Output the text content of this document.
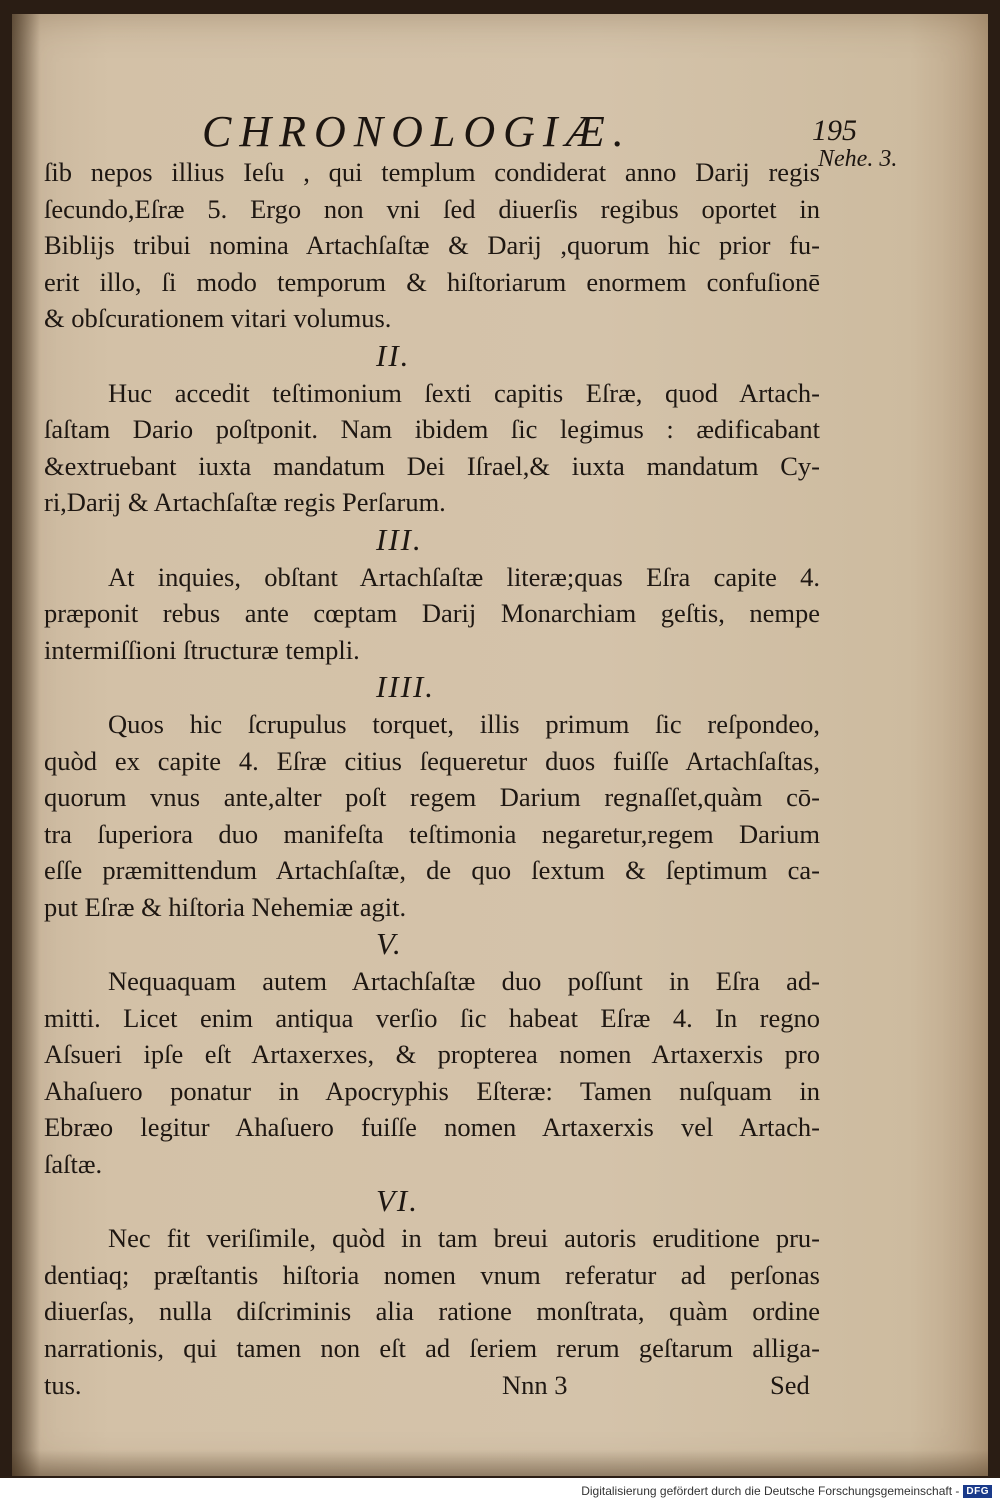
CHRONOLOGIÆ.	195
Nehe. 3.
ſib nepos illius Ieſu , qui templum condiderat anno Darij regis
ſecundo,Eſræ 5. Ergo non vni ſed diuerſis regibus oportet in
Biblijs tribui nomina Artachſaſtæ & Darij ,quorum hic prior fu-
erit illo, ſi modo temporum & hiſtoriarum enormem confuſionē
& obſcurationem vitari volumus.
II.
Huc accedit teſtimonium ſexti capitis Eſræ, quod Artach-
ſaſtam Dario poſtponit. Nam ibidem ſic legimus : ædificabant
&extruebant iuxta mandatum Dei Iſrael,& iuxta mandatum Cy-
ri,Darij & Artachſaſtæ regis Perſarum.
III.
At inquies, obſtant Artachſaſtæ literæ;quas Eſra capite 4.
præponit rebus ante cœptam Darij Monarchiam geſtis, nempe
intermiſſioni ſtructuræ templi.
IIII.
Quos hic ſcrupulus torquet, illis primum ſic reſpondeo,
quòd ex capite 4. Eſræ citius ſequeretur duos fuiſſe Artachſaſtas,
quorum vnus ante,alter poſt regem Darium regnaſſet,quàm cō-
tra ſuperiora duo manifeſta teſtimonia negaretur,regem Darium
eſſe præmittendum Artachſaſtæ, de quo ſextum & ſeptimum ca-
put Eſræ & hiſtoria Nehemiæ agit.
V.
Nequaquam autem Artachſaſtæ duo poſſunt in Eſra ad-
mitti. Licet enim antiqua verſio ſic habeat Eſræ 4. In regno
Aſsueri ipſe eſt Artaxerxes, & propterea nomen Artaxerxis pro
Ahaſuero ponatur in Apocryphis Eſteræ: Tamen nuſquam in
Ebræo legitur Ahaſuero fuiſſe nomen Artaxerxis vel Artach-
ſaſtæ.
VI.
Nec fit veriſimile, quòd in tam breui autoris eruditione pru-
dentiaq; præſtantis hiſtoria nomen vnum referatur ad perſonas
diuerſas, nulla diſcriminis alia ratione monſtrata, quàm ordine
narrationis, qui tamen non eſt ad ſeriem rerum geſtarum alliga-
tus.	Nnn 3	Sed
Digitalisierung gefördert durch die Deutsche Forschungsgemeinschaft - DFG
